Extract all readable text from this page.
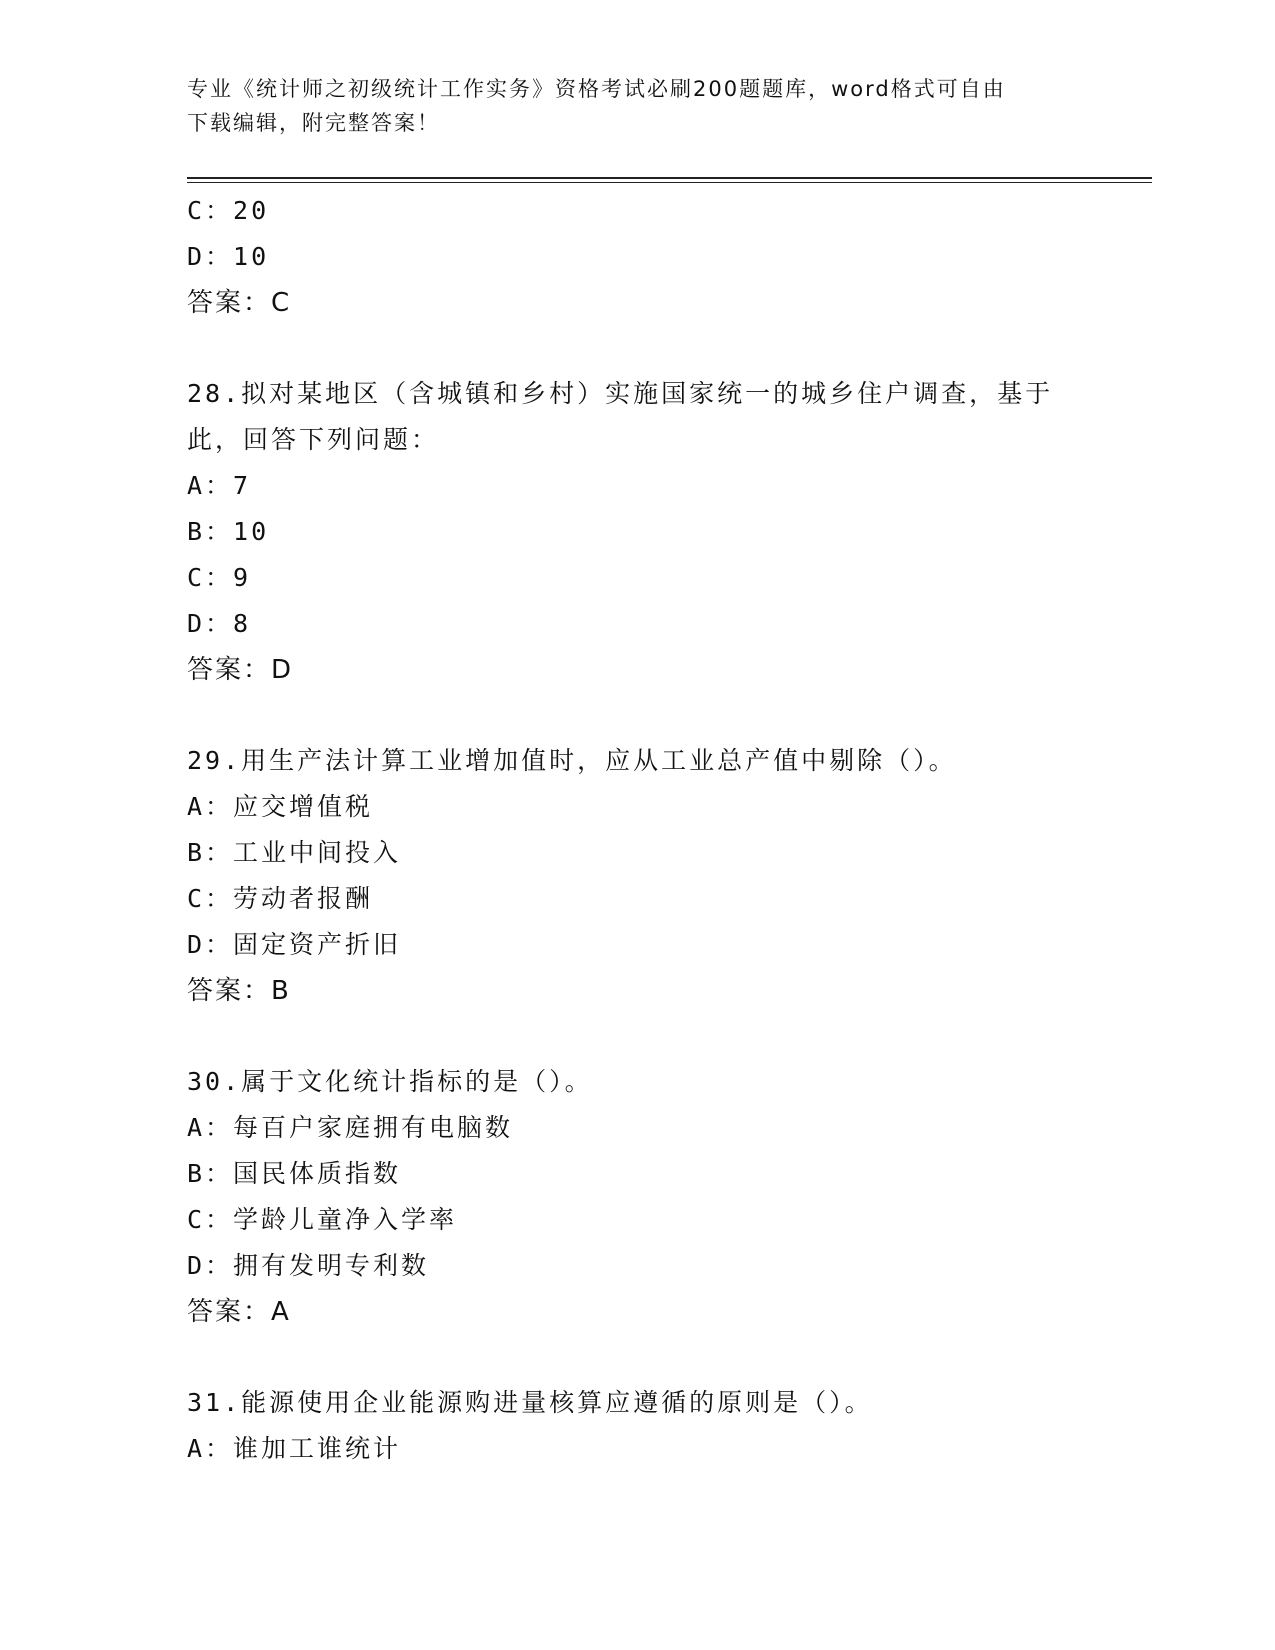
专业《统计师之初级统计工作实务》资格考试必刷200题题库，word格式可自由
下载编辑，附完整答案！
C：20
D：10
答案：C
28.拟对某地区（含城镇和乡村）实施国家统一的城乡住户调查，基于
此，回答下列问题：
A：7
B：10
C：9
D：8
答案：D
29.用生产法计算工业增加值时，应从工业总产值中剔除（）。
A：应交增值税
B：工业中间投入
C：劳动者报酬
D：固定资产折旧
答案：B
30.属于文化统计指标的是（）。
A：每百户家庭拥有电脑数
B：国民体质指数
C：学龄儿童净入学率
D：拥有发明专利数
答案：A
31.能源使用企业能源购进量核算应遵循的原则是（）。
A：谁加工谁统计
